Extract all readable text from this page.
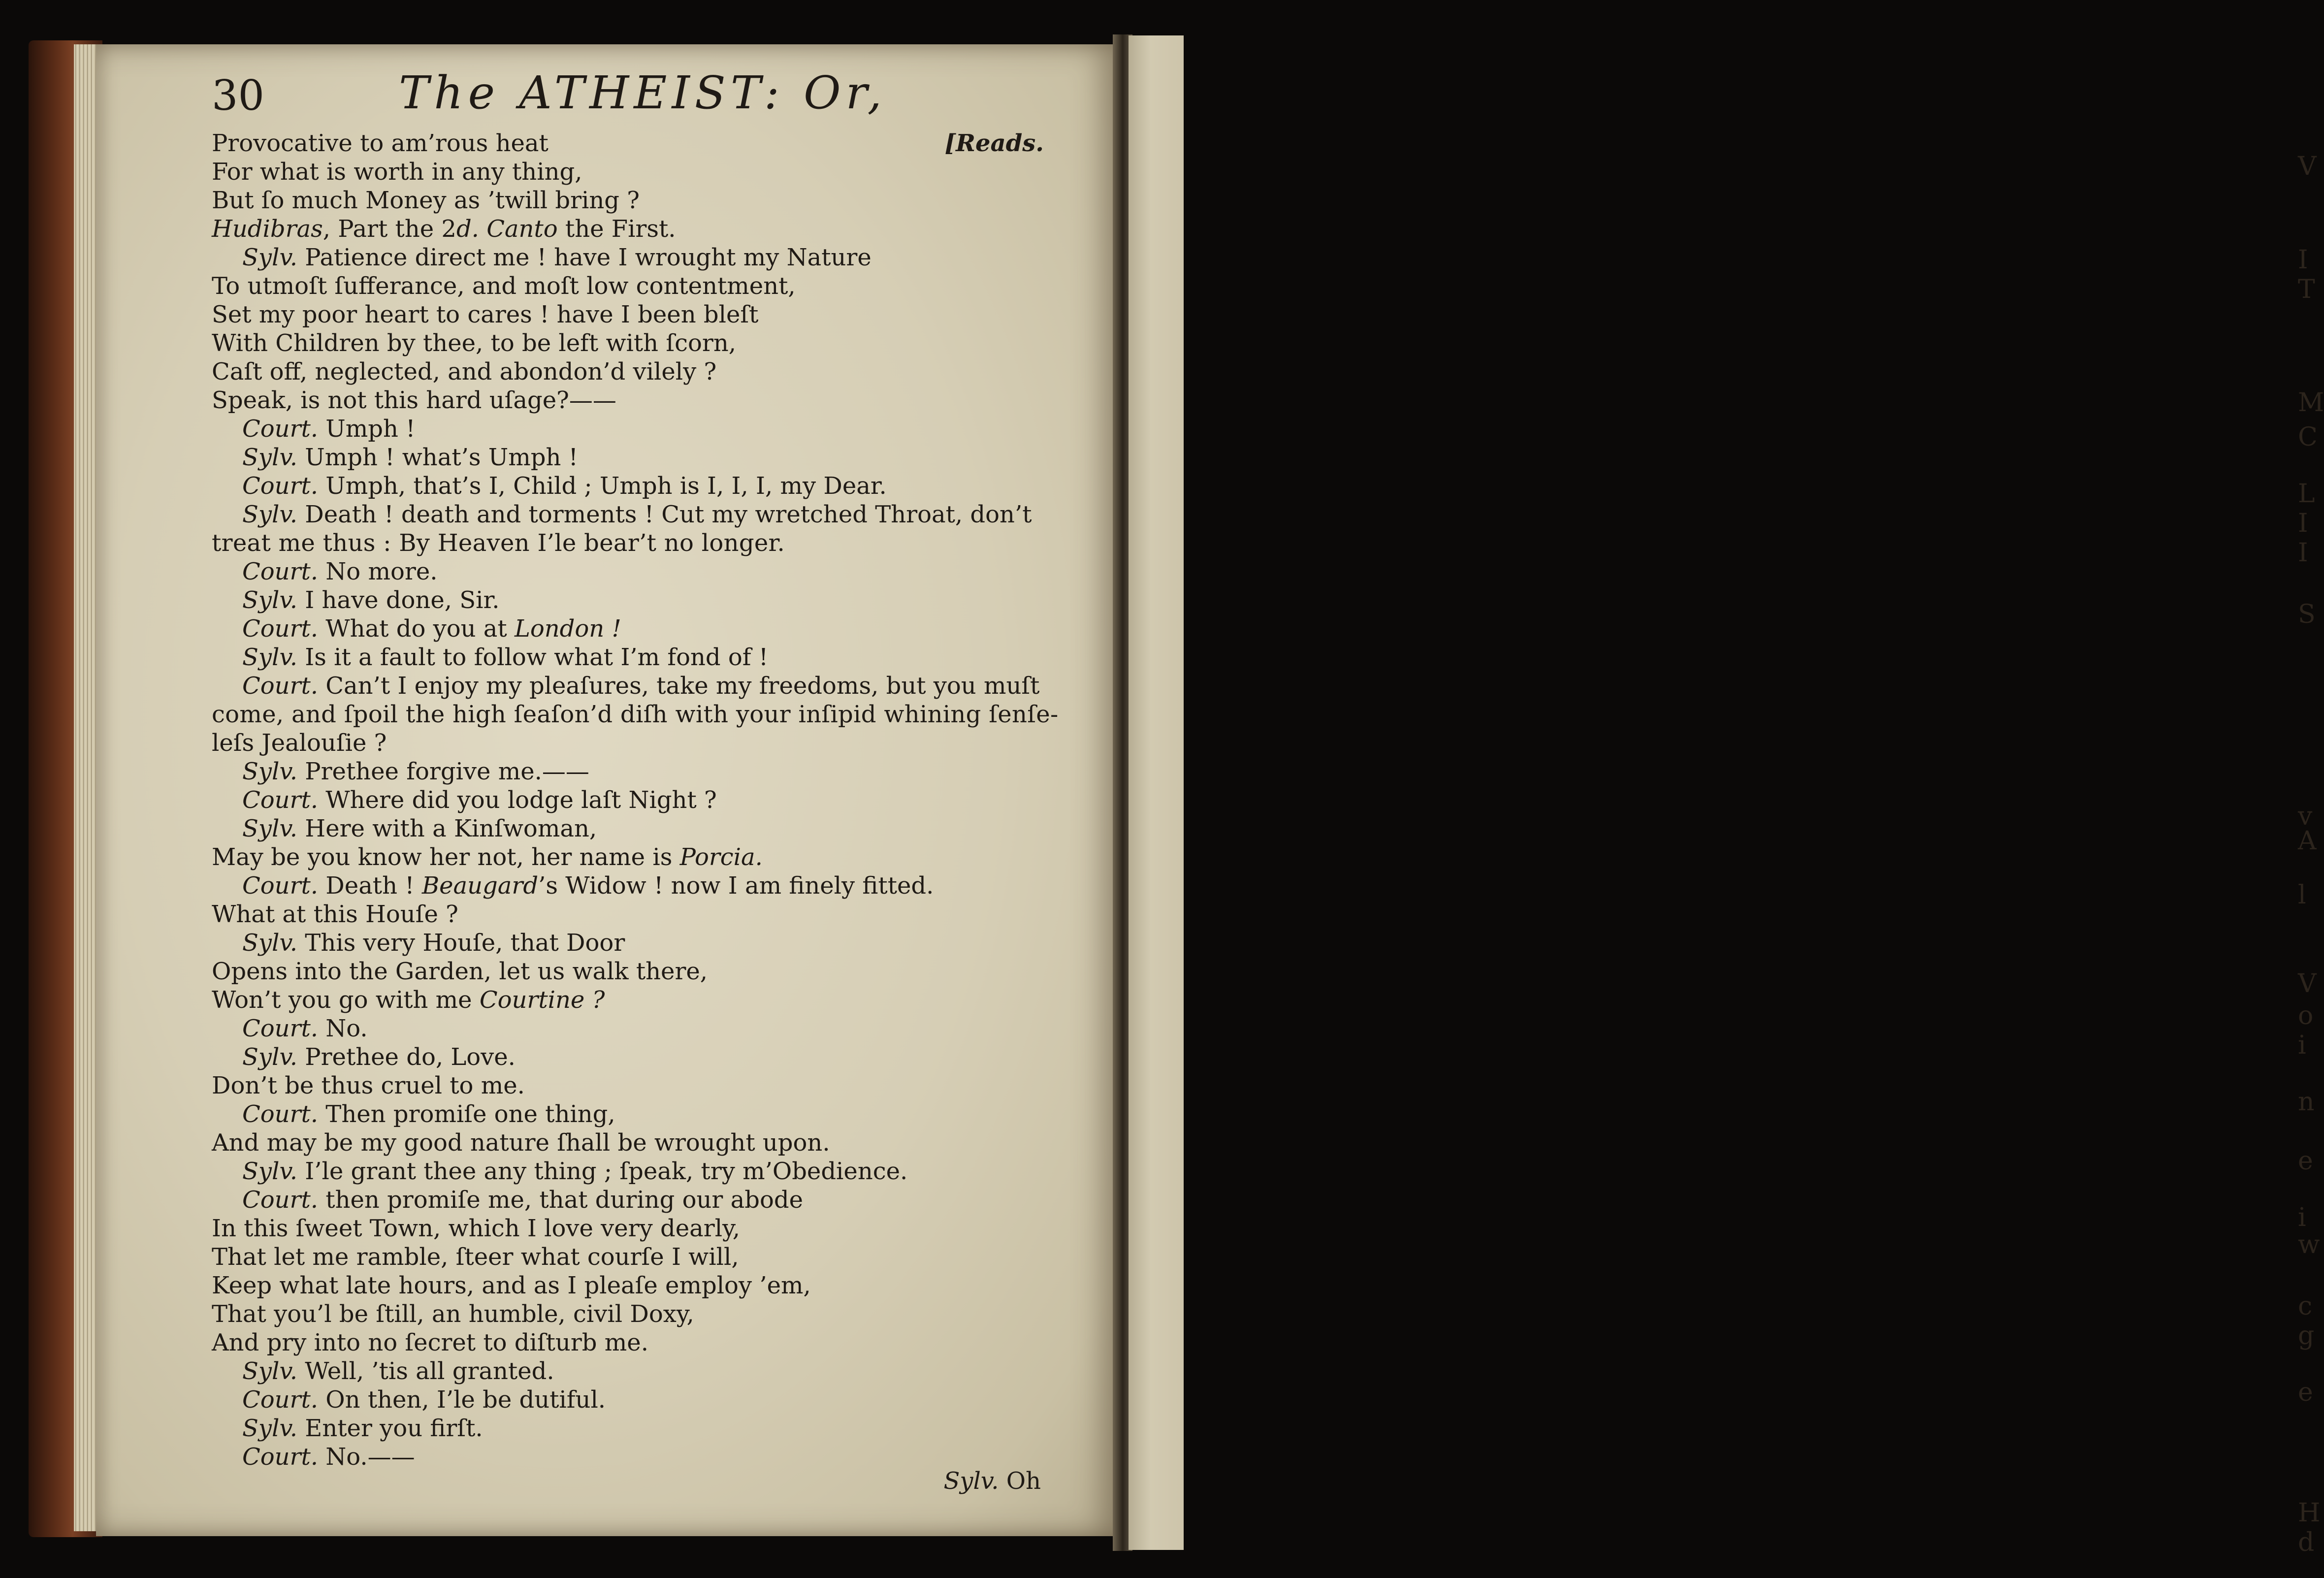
V
I
T
M
C
L
I
I
S
v
A
l
V
o
i
n
e
i
w
c
g
e
H
d
30	The ATHEIST: Or,
Provocative to am’rous heat	[Reads.
For what is worth in any thing,
But ſo much Money as ’twill bring ?
Hudibras, Part the 2d. Canto the First.
Sylv. Patience direct me ! have I wrought my Nature
To utmoſt ſufferance, and moſt low contentment,
Set my poor heart to cares ! have I been bleſt
With Children by thee, to be left with ſcorn,
Caſt off, neglected, and abondon’d vilely ?
Speak, is not this hard uſage?——
Court. Umph !
Sylv. Umph ! what’s Umph !
Court. Umph, that’s I, Child ; Umph is I, I, I, my Dear.
Sylv. Death ! death and torments ! Cut my wretched Throat, don’t
treat me thus : By Heaven I’le bear’t no longer.
Court. No more.
Sylv. I have done, Sir.
Court. What do you at London !
Sylv. Is it a fault to follow what I’m fond of !
Court. Can’t I enjoy my pleaſures, take my freedoms, but you muſt
come, and ſpoil the high ſeaſon’d diſh with your inſipid whining ſenſe-
leſs Jealouſie ?
Sylv. Prethee forgive me.——
Court. Where did you lodge laſt Night ?
Sylv. Here with a Kinſwoman,
May be you know her not, her name is Porcia.
Court. Death ! Beaugard’s Widow ! now I am finely fitted.
What at this Houſe ?
Sylv. This very Houſe, that Door
Opens into the Garden, let us walk there,
Won’t you go with me Courtine ?
Court. No.
Sylv. Prethee do, Love.
Don’t be thus cruel to me.
Court. Then promiſe one thing,
And may be my good nature ſhall be wrought upon.
Sylv. I’le grant thee any thing ; ſpeak, try m’Obedience.
Court. then promiſe me, that during our abode
In this ſweet Town, which I love very dearly,
That let me ramble, ſteer what courſe I will,
Keep what late hours, and as I pleaſe employ ’em,
That you’l be ſtill, an humble, civil Doxy,
And pry into no ſecret to diſturb me.
Sylv. Well, ’tis all granted.
Court. On then, I’le be dutiful.
Sylv. Enter you firſt.
Court. No.——
Sylv. Oh
